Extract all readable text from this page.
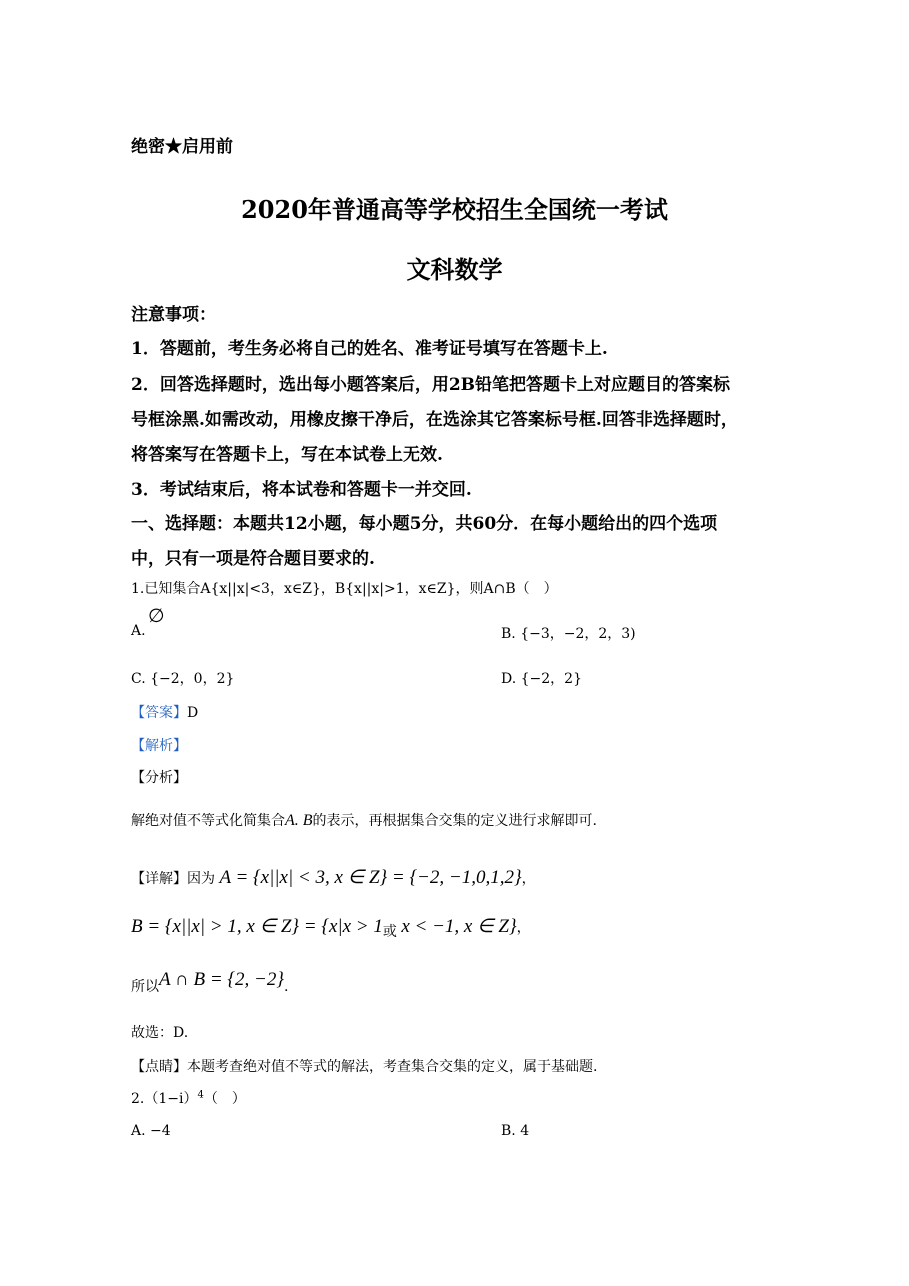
绝密★启用前
2020年普通高等学校招生全国统一考试
文科数学
注意事项：
1．答题前，考生务必将自己的姓名、准考证号填写在答题卡上.
2．回答选择题时，选出每小题答案后，用2B铅笔把答题卡上对应题目的答案标
号框涂黑.如需改动，用橡皮擦干净后，在选涂其它答案标号框.回答非选择题时，
将答案写在答题卡上，写在本试卷上无效.
3．考试结束后，将本试卷和答题卡一并交回.
一、选择题：本题共12小题，每小题5分，共60分．在每小题给出的四个选项
中，只有一项是符合题目要求的.
1.已知集合A{x||x|<3，x∈Z}，B{x||x|>1，x∈Z}，则A∩B（　）
A.
∅
B. {−3，−2，2，3)
C. {−2，0，2}	D. {−2，2}
【答案】D
【解析】
【分析】
解绝对值不等式化简集合A. B的表示，再根据集合交集的定义进行求解即可.
【详解】因为 A = {x||x| < 3, x ∈ Z} = {−2, −1,0,1,2}，
B = {x||x| > 1, x ∈ Z} = {x|x > 1或 x < −1, x ∈ Z}，
所以A ∩ B = {2, −2}.
故选：D.
【点睛】本题考查绝对值不等式的解法，考查集合交集的定义，属于基础题.
$2.(1-i)^4$（　）
A. −4	B. 4
